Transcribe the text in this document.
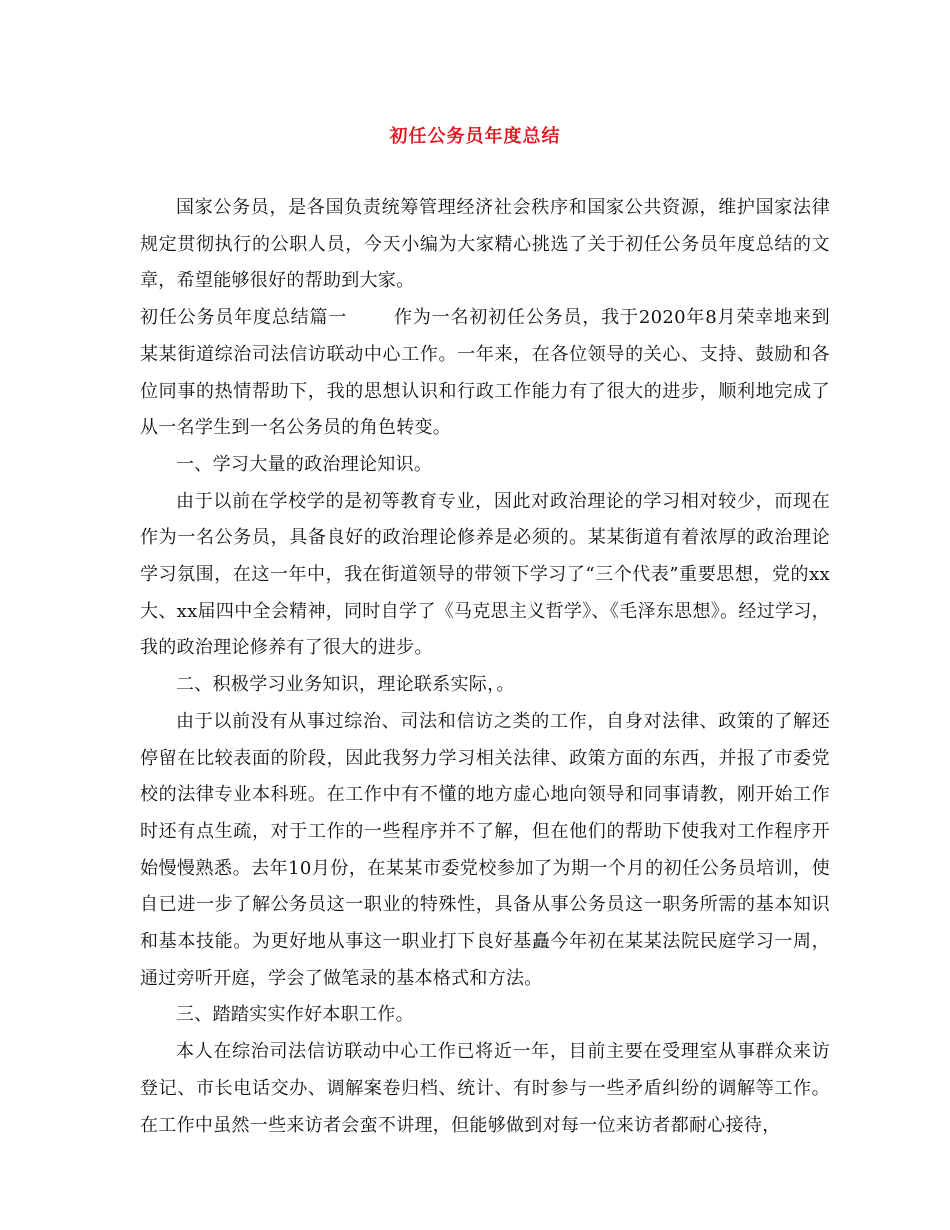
初任公务员年度总结

国家公务员，是各国负责统筹管理经济社会秩序和国家公共资源，维护国家法律规定贯彻执行的公职人员，今天小编为大家精心挑选了关于初任公务员年度总结的文章，希望能够很好的帮助到大家。

初任公务员年度总结篇一	作为一名初初任公务员，我于2020年8月荣幸地来到某某街道综治司法信访联动中心工作。一年来，在各位领导的关心、支持、鼓励和各位同事的热情帮助下，我的思想认识和行政工作能力有了很大的进步，顺利地完成了从一名学生到一名公务员的角色转变。

一、学习大量的政治理论知识。

由于以前在学校学的是初等教育专业，因此对政治理论的学习相对较少，而现在作为一名公务员，具备良好的政治理论修养是必须的。某某街道有着浓厚的政治理论学习氛围，在这一年中，我在街道领导的带领下学习了“三个代表”重要思想，党的xx大、xx届四中全会精神，同时自学了《马克思主义哲学》、《毛泽东思想》。经过学习，我的政治理论修养有了很大的进步。

二、积极学习业务知识，理论联系实际，。

由于以前没有从事过综治、司法和信访之类的工作，自身对法律、政策的了解还停留在比较表面的阶段，因此我努力学习相关法律、政策方面的东西，并报了市委党校的法律专业本科班。在工作中有不懂的地方虚心地向领导和同事请教，刚开始工作时还有点生疏，对于工作的一些程序并不了解，但在他们的帮助下使我对工作程序开始慢慢熟悉。去年10月份，在某某市委党校参加了为期一个月的初任公务员培训，使自已进一步了解公务员这一职业的特殊性，具备从事公务员这一职务所需的基本知识和基本技能。为更好地从事这一职业打下良好基矗今年初在某某法院民庭学习一周，通过旁听开庭，学会了做笔录的基本格式和方法。

三、踏踏实实作好本职工作。

本人在综治司法信访联动中心工作已将近一年，目前主要在受理室从事群众来访登记、市长电话交办、调解案卷归档、统计、有时参与一些矛盾纠纷的调解等工作。在工作中虽然一些来访者会蛮不讲理，但能够做到对每一位来访者都耐心接待，
